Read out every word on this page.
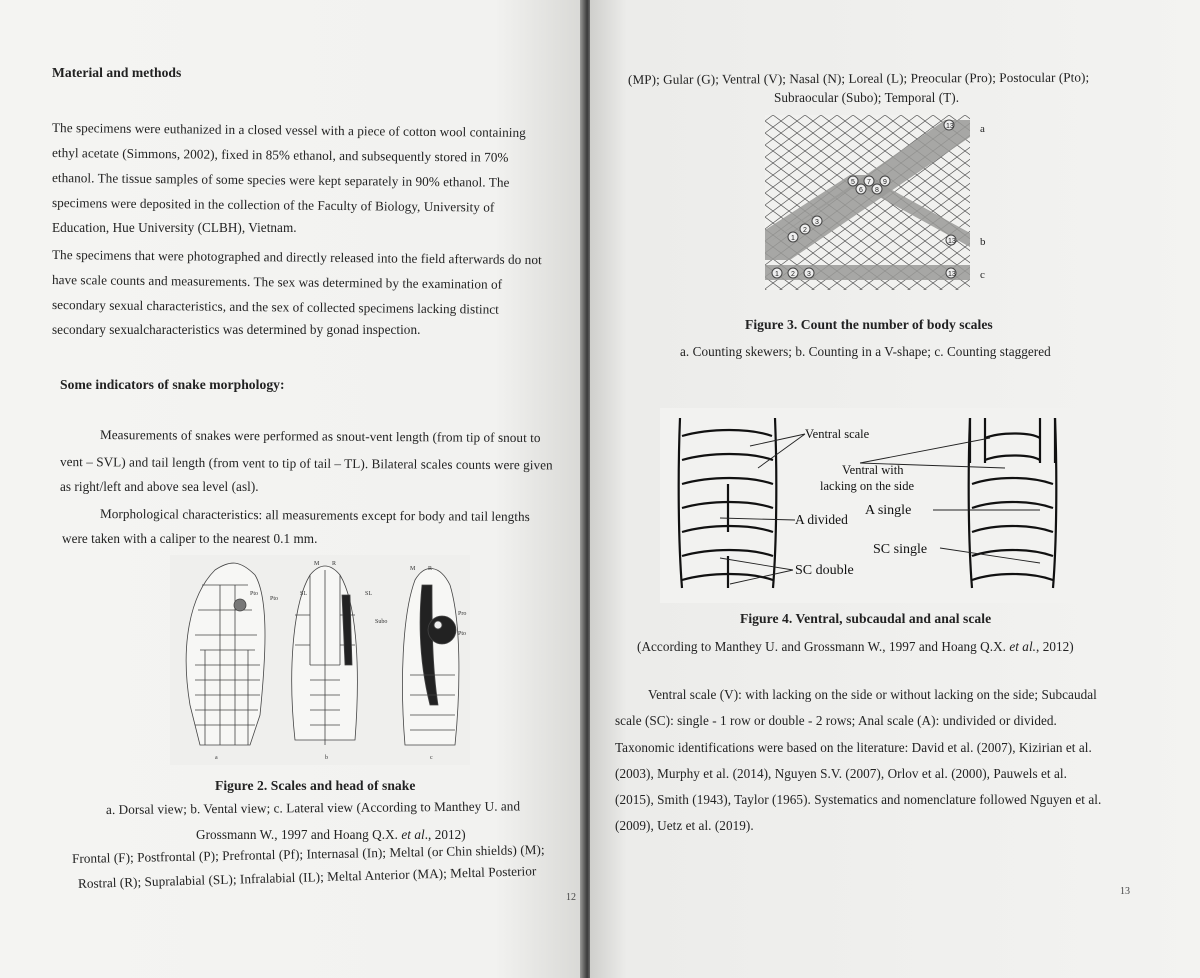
Material and methods
The specimens were euthanized in a closed vessel with a piece of cotton wool containing
ethyl acetate (Simmons, 2002), fixed in 85% ethanol, and subsequently stored in 70%
ethanol. The tissue samples of some species were kept separately in 90% ethanol. The
specimens were deposited in the collection of the Faculty of Biology, University of
Education, Hue University (CLBH), Vietnam.
The specimens that were photographed and directly released into the field afterwards do not
have scale counts and measurements. The sex was determined by the examination of
secondary sexual characteristics, and the sex of collected specimens lacking distinct
secondary sexualcharacteristics was determined by gonad inspection.
Some indicators of snake morphology:
Measurements of snakes were performed as snout-vent length (from tip of snout to
vent – SVL) and tail length (from vent to tip of tail – TL). Bilateral scales counts were given
as right/left and above sea level (asl).
Morphological characteristics: all measurements except for body and tail lengths
were taken with a caliper to the nearest 0.1 mm.
Pto
Pto
SL
SL
Subo
Pro
Pto
M R
M R
a	b	c
Figure 2. Scales and head of snake
a. Dorsal view; b. Vental view; c. Lateral view (According to Manthey U. and
Grossmann W., 1997 and Hoang Q.X. et al., 2012)
Frontal (F); Postfrontal (P); Prefrontal (Pf); Internasal (In); Meltal (or Chin shields) (M);
Rostral (R); Supralabial (SL); Infralabial (IL); Meltal Anterior (MA); Meltal Posterior
12
(MP); Gular (G); Ventral (V); Nasal (N); Loreal (L); Preocular (Pro); Postocular (Pto);
Subraocular (Subo); Temporal (T).
13
1
2
3
5
6
7
8
9
13
1 2 3	13
a
b
c
Figure 3. Count the number of body scales
a. Counting skewers; b. Counting in a V-shape; c. Counting staggered
Ventral scale
Ventral with
lacking on the side
A divided
A single
SC single
SC double
Figure 4. Ventral, subcaudal and anal scale
(According to Manthey U. and Grossmann W., 1997 and Hoang Q.X. et al., 2012)
Ventral scale (V): with lacking on the side or without lacking on the side; Subcaudal
scale (SC): single - 1 row or double - 2 rows; Anal scale (A): undivided or divided.
Taxonomic identifications were based on the literature: David et al. (2007), Kizirian et al.
(2003), Murphy et al. (2014), Nguyen S.V. (2007), Orlov et al. (2000), Pauwels et al.
(2015), Smith (1943), Taylor (1965). Systematics and nomenclature followed Nguyen et al.
(2009), Uetz et al. (2019).
13
